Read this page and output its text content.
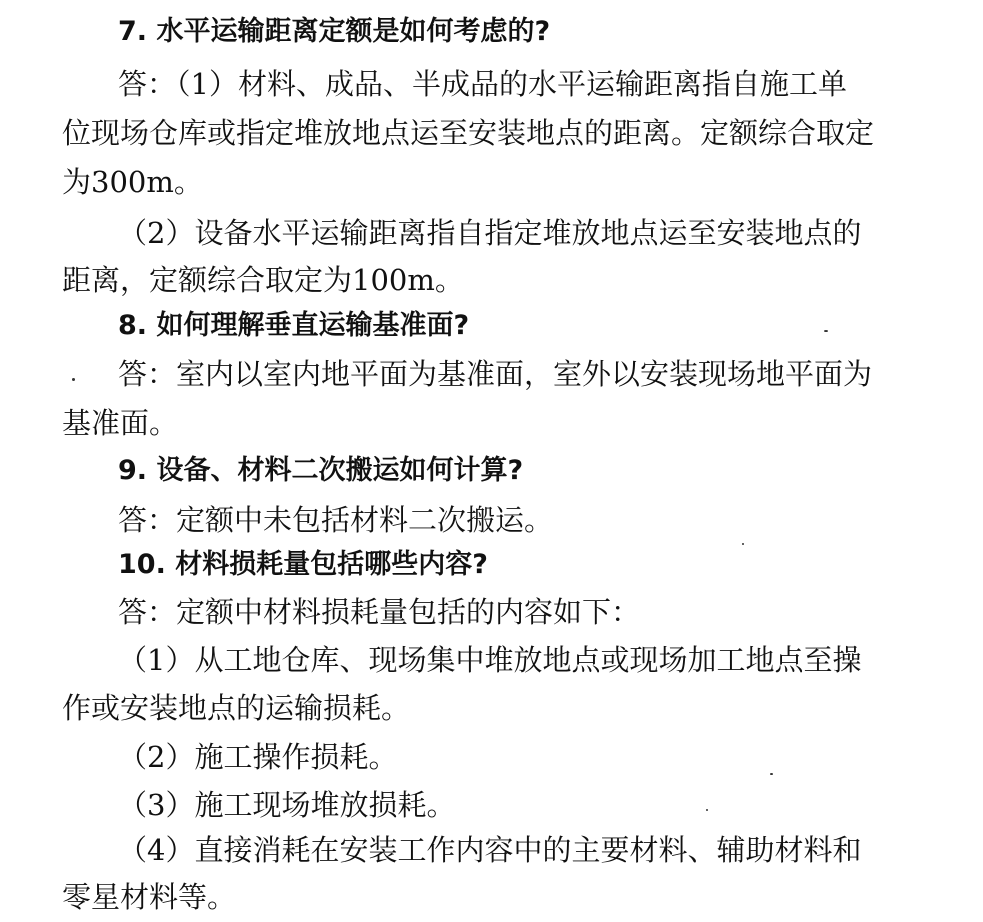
7. 水平运输距离定额是如何考虑的?
答：（1）材料、成品、半成品的水平运输距离指自施工单
位现场仓库或指定堆放地点运至安装地点的距离。定额综合取定
为300m。
（2）设备水平运输距离指自指定堆放地点运至安装地点的
距离，定额综合取定为100m。
8. 如何理解垂直运输基准面?
答：室内以室内地平面为基准面，室外以安装现场地平面为
基准面。
9. 设备、材料二次搬运如何计算?
答：定额中未包括材料二次搬运。
10. 材料损耗量包括哪些内容?
答：定额中材料损耗量包括的内容如下：
（1）从工地仓库、现场集中堆放地点或现场加工地点至操
作或安装地点的运输损耗。
（2）施工操作损耗。
（3）施工现场堆放损耗。
（4）直接消耗在安装工作内容中的主要材料、辅助材料和
零星材料等。
